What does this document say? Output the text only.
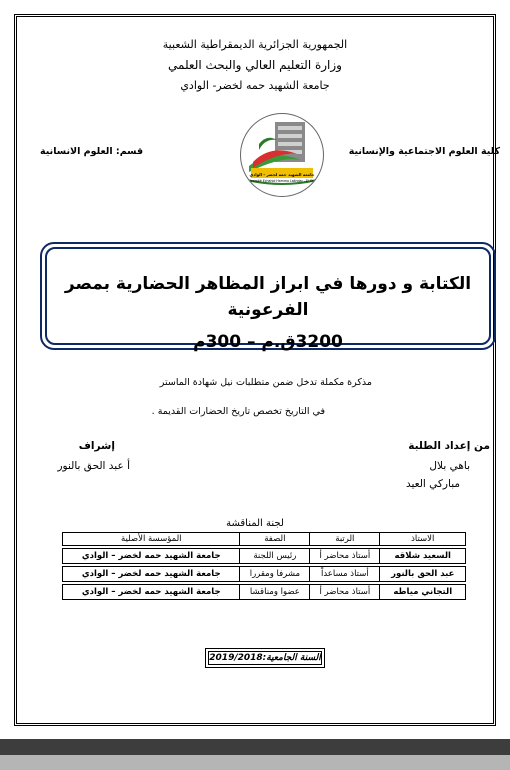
الجمهورية الجزائرية الديمقراطية الشعبية
وزارة التعليم العالي والبحث العلمي
جامعة الشهيد حمه لخضر- الوادي
جامعة الشهيد حمة لخضر - الوادي
Université Echahid Hamma Lakhdar - El Oued
كلية العلوم الاجتماعية والإنسانية
قسم: العلوم الانسانية
الكتابة و دورها في ابراز المظاهر الحضارية بمصر الفرعونية
3200ق.م – 300م
مذكرة مكملة تدخل ضمن متطلبات نيل شهادة الماستر
في التاريخ تخصص تاريخ الحضارات القديمة .
من إعداد الطلبة
باهي بلال
مباركي العيد
إشراف
أ عبد الحق بالنور
لجنة المناقشة
الاستاذ	الرتبة	الصفة	المؤسسة الأصلية

السعيد شلاقه	أستاذ محاضر أ	رئيس اللجنة	جامعة الشهيد حمه لخضر – الوادي

عبد الحق بالنور	أستاذ مساعداً	مشرفا ومقررا	جامعة الشهيد حمه لخضر – الوادي

التجاني مياطه	أستاذ محاضر أ	عضوا ومناقشا	جامعة الشهيد حمه لخضر – الوادي
السنة الجامعية:2019/2018
